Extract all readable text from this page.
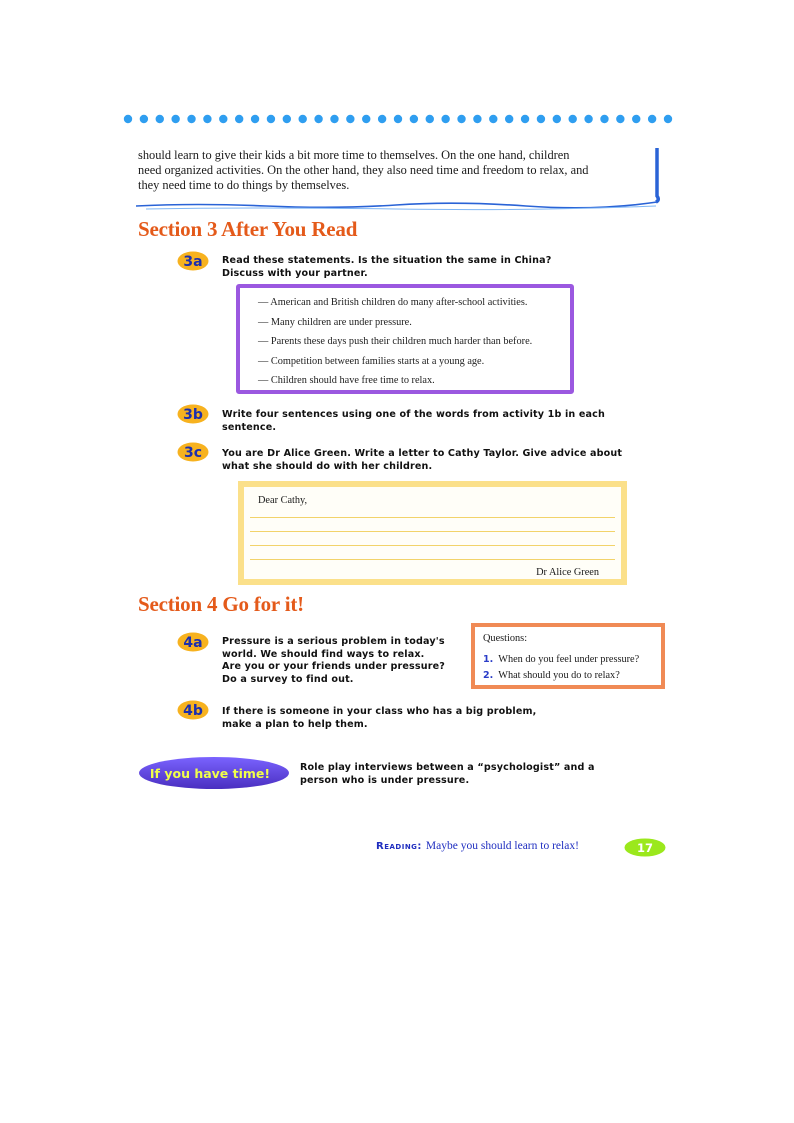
should learn to give their kids a bit more time to themselves. On the one hand, children
need organized activities. On the other hand, they also need time and freedom to relax, and
they need time to do things by themselves.
Section 3 After You Read
3a Read these statements. Is the situation the same in China?
Discuss with your partner.
— American and British children do many after-school activities.
— Many children are under pressure.
— Parents these days push their children much harder than before.
— Competition between families starts at a young age.
— Children should have free time to relax.
3b Write four sentences using one of the words from activity 1b in each
sentence.
3c You are Dr Alice Green. Write a letter to Cathy Taylor. Give advice about
what she should do with her children.
Dear Cathy,
Dr Alice Green
Section 4 Go for it!
4a Pressure is a serious problem in today's
world. We should find ways to relax.
Are you or your friends under pressure?
Do a survey to find out.
Questions:
1. When do you feel under pressure?
2. What should you do to relax?
4b If there is someone in your class who has a big problem,
make a plan to help them.
If you have time!	Role play interviews between a “psychologist” and a
person who is under pressure.
Reading: Maybe you should learn to relax!	17
